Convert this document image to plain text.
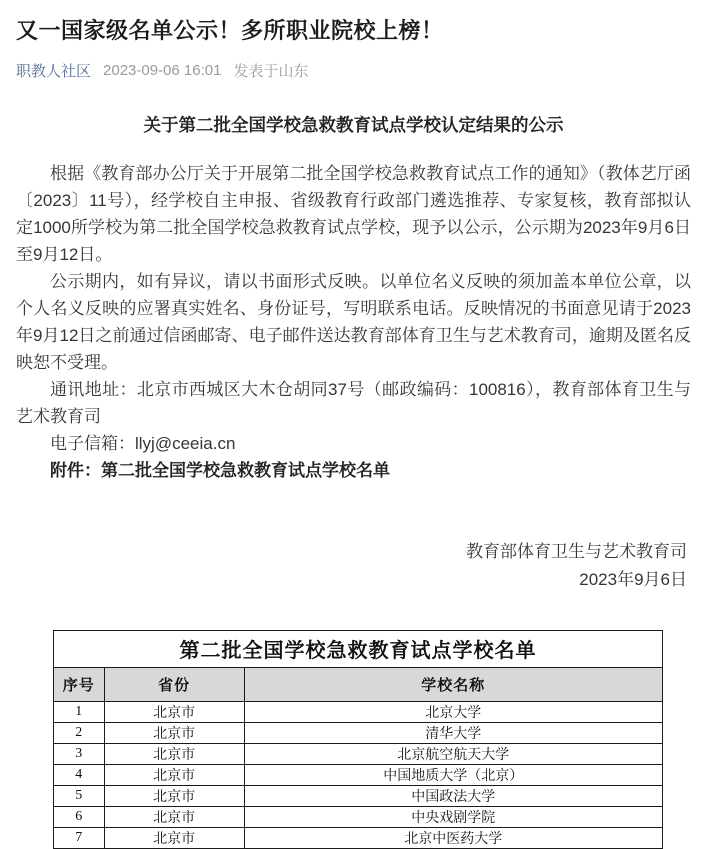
又一国家级名单公示！多所职业院校上榜！
职教人社区 2023-09-06 16:01 发表于山东
关于第二批全国学校急救教育试点学校认定结果的公示

根据《教育部办公厅关于开展第二批全国学校急救教育试点工作的通知》（教体艺厅函〔2023〕11号），经学校自主申报、省级教育行政部门遴选推荐、专家复核，教育部拟认定1000所学校为第二批全国学校急救教育试点学校，现予以公示，公示期为2023年9月6日至9月12日。

公示期内，如有异议，请以书面形式反映。以单位名义反映的须加盖本单位公章，以个人名义反映的应署真实姓名、身份证号，写明联系电话。反映情况的书面意见请于2023年9月12日之前通过信函邮寄、电子邮件送达教育部体育卫生与艺术教育司，逾期及匿名反映恕不受理。

通讯地址：北京市西城区大木仓胡同37号（邮政编码：100816），教育部体育卫生与艺术教育司

电子信箱：llyj@ceeia.cn

附件：第二批全国学校急救教育试点学校名单

教育部体育卫生与艺术教育司
2023年9月6日
第二批全国学校急救教育试点学校名单		
序号	省份	学校名称
1	北京市	北京大学
2	北京市	清华大学
3	北京市	北京航空航天大学
4	北京市	中国地质大学（北京）
5	北京市	中国政法大学
6	北京市	中央戏剧学院
7	北京市	北京中医药大学
